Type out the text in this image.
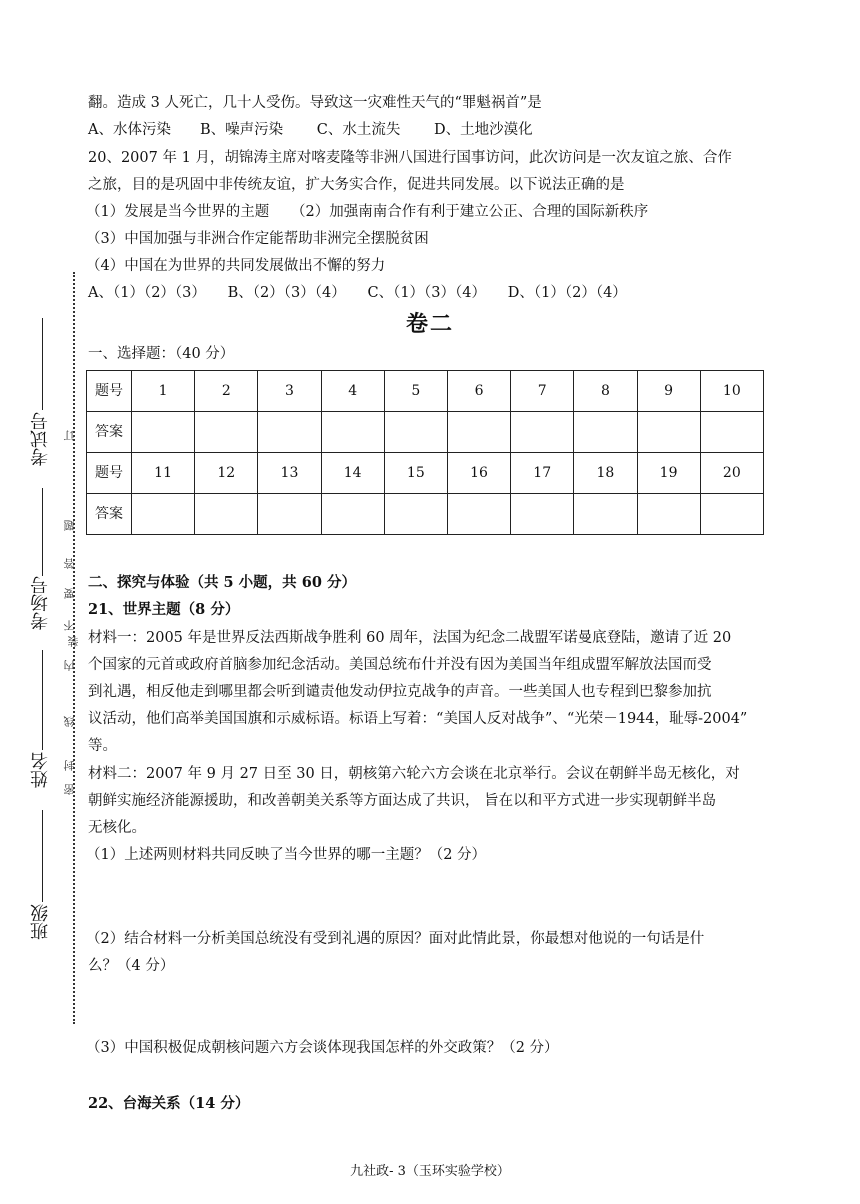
考试号
考场号
姓名
班级
订
题
答
要
不
装
内
线
封
密
翻。造成 3 人死亡，几十人受伤。导致这一灾难性天气的“罪魁祸首”是
A、水体污染　　B、噪声污染　　 C、水土流失　　 D、土地沙漠化
20、2007 年 1 月，胡锦涛主席对喀麦隆等非洲八国进行国事访问，此次访问是一次友谊之旅、合作
之旅，目的是巩固中非传统友谊，扩大务实合作，促进共同发展。以下说法正确的是
（1）发展是当今世界的主题　　（2）加强南南合作有利于建立公正、合理的国际新秩序
（3）中国加强与非洲合作定能帮助非洲完全摆脱贫困
（4）中国在为世界的共同发展做出不懈的努力
A、（1）（2）（3）　　B、（2）（3）（4）　　C、（1）（3）（4）　　D、（1）（2）（4）
卷二
一、选择题：（40 分）
题号	1	2	3	4	5	6	7	8	9	10
答案										
题号	11	12	13	14	15	16	17	18	19	20
答案										
二、探究与体验（共 5 小题，共 60 分）
21、世界主题（8 分）
材料一：2005 年是世界反法西斯战争胜利 60 周年，法国为纪念二战盟军诺曼底登陆，邀请了近 20
个国家的元首或政府首脑参加纪念活动。美国总统布什并没有因为美国当年组成盟军解放法国而受
到礼遇，相反他走到哪里都会听到谴责他发动伊拉克战争的声音。一些美国人也专程到巴黎参加抗
议活动，他们高举美国国旗和示威标语。标语上写着：“美国人反对战争”、“光荣－1944，耻辱-2004”
等。
材料二：2007 年 9 月 27 日至 30 日，朝核第六轮六方会谈在北京举行。会议在朝鲜半岛无核化，对
朝鲜实施经济能源援助，和改善朝美关系等方面达成了共识， 旨在以和平方式进一步实现朝鲜半岛
无核化。
（1）上述两则材料共同反映了当今世界的哪一主题？（2 分）
（2）结合材料一分析美国总统没有受到礼遇的原因？面对此情此景，你最想对他说的一句话是什
么？（4 分）
（3）中国积极促成朝核问题六方会谈体现我国怎样的外交政策？（2 分）
22、台海关系（14 分）
九社政- 3（玉环实验学校）
